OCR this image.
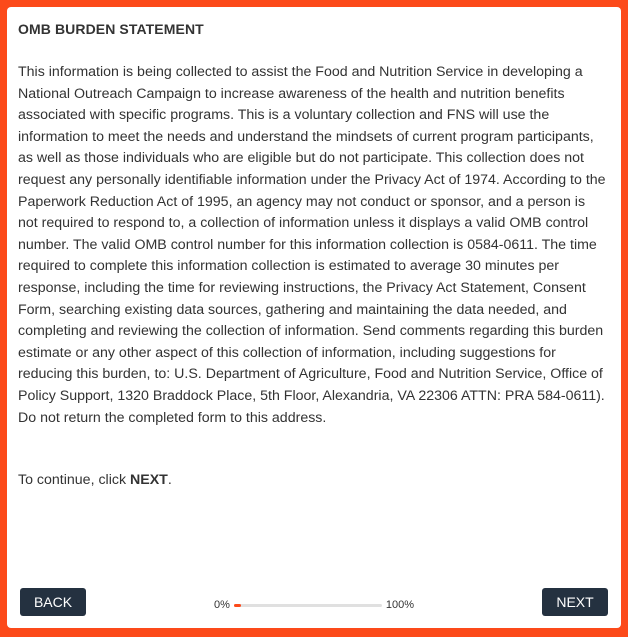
OMB BURDEN STATEMENT

This information is being collected to assist the Food and Nutrition Service in developing a National Outreach Campaign to increase awareness of the health and nutrition benefits associated with specific programs. This is a voluntary collection and FNS will use the information to meet the needs and understand the mindsets of current program participants, as well as those individuals who are eligible but do not participate. This collection does not request any personally identifiable information under the Privacy Act of 1974. According to the Paperwork Reduction Act of 1995, an agency may not conduct or sponsor, and a person is not required to respond to, a collection of information unless it displays a valid OMB control number. The valid OMB control number for this information collection is 0584-0611. The time required to complete this information collection is estimated to average 30 minutes per response, including the time for reviewing instructions, the Privacy Act Statement, Consent Form, searching existing data sources, gathering and maintaining the data needed, and completing and reviewing the collection of information. Send comments regarding this burden estimate or any other aspect of this collection of information, including suggestions for reducing this burden, to: U.S. Department of Agriculture, Food and Nutrition Service, Office of Policy Support, 1320 Braddock Place, 5th Floor, Alexandria, VA 22306 ATTN: PRA 584-0611). Do not return the completed form to this address.

To continue, click NEXT.

BACK	0%	100%	NEXT
